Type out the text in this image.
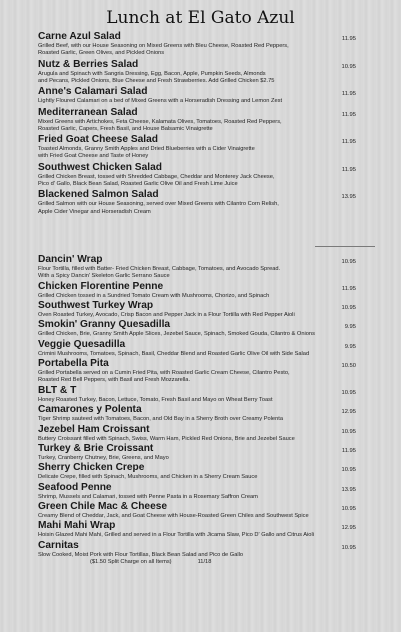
Lunch at El Gato Azul
Carne Azul Salad	11.95
Grilled Beef, with our House Seasoning on Mixed Greens with Bleu Cheese, Roasted Red Peppers,
Roasted Garlic, Green Olives, and Pickled Onions
Nutz & Berries Salad	10.95
Arugula and Spinach with Sangria Dressing, Egg, Bacon, Apple, Pumpkin Seeds, Almonds
and Pecans, Pickled Onions, Blue Cheese and Fresh Strawberries. Add Grilled Chicken $2.75
Anne's Calamari Salad	11.95
Lightly Floured Calamari on a bed of Mixed Greens with a Horseradish Dressing and Lemon Zest
Mediterranean Salad	11.95
Mixed Greens with Artichokes, Feta Cheese, Kalamata Olives, Tomatoes, Roasted Red Peppers,
Roasted Garlic, Capers, Fresh Basil, and House Balsamic Vinaigrette
Fried Goat Cheese Salad	11.95
Toasted Almonds, Granny Smith Apples and Dried Blueberries with a Cider Vinaigrette
with Fried Goat Cheese and Taste of Honey
Southwest Chicken Salad	11.95
Grilled Chicken Breast, tossed with Shredded Cabbage, Cheddar and Monterey Jack Cheese,
Pico d' Gallo, Black Bean Salad, Roasted Garlic Olive Oil and Fresh Lime Juice
Blackened Salmon Salad	13.95
Grilled Salmon with our House Seasoning, served over Mixed Greens with Cilantro Corn Relish,
Apple Cider Vinegar and Horseradish Cream
Dancin' Wrap	10.95
Flour Tortilla, filled with Batter- Fried Chicken Breast, Cabbage, Tomatoes, and Avocado Spread.
With a Spicy Dancin' Skeleton Garlic Serrano Sauce
Chicken Florentine Penne	11.95
Grilled Chicken tossed in a Sundried Tomato Cream with Mushrooms, Chorizo, and Spinach
Southwest Turkey Wrap	10.95
Oven Roasted Turkey, Avocado, Crisp Bacon and Pepper Jack in a Flour Tortilla with Red Pepper Aioli
Smokin' Granny Quesadilla	9.95
Grilled Chicken, Brie, Granny Smith Apple Slices, Jezebel Sauce, Spinach, Smoked Gouda, Cilantro & Onions
Veggie Quesadilla	9.95
Crimini Mushrooms, Tomatoes, Spinach, Basil, Cheddar Blend and Roasted Garlic Olive Oil with Side Salad
Portabella Pita	10.50
Grilled Portabella served on a Cumin Fried Pita, with Roasted Garlic Cream Cheese, Cilantro Pesto,
Roasted Red Bell Peppers, with Basil and Fresh Mozzarella.
BLT & T	10.95
Honey Roasted Turkey, Bacon, Lettuce, Tomato, Fresh Basil and Mayo on Wheat Berry Toast
Camarones y Polenta	12.95
Tiger Shrimp sauteed with Tomatoes, Bacon, and Old Bay in a Sherry Broth over Creamy Polenta
Jezebel Ham Croissant	10.95
Buttery Croissant filled with Spinach, Swiss, Warm Ham, Pickled Red Onions, Brie and Jezebel Sauce
Turkey & Brie Croissant	11.95
Turkey, Cranberry Chutney, Brie, Greens, and Mayo
Sherry Chicken Crepe	10.95
Delicate Crepe, filled with Spinach, Mushrooms, and Chicken in a Sherry Cream Sauce
Seafood Penne	13.95
Shrimp, Mussels and Calamari, tossed with Penne Pasta in a Rosemary Saffron Cream
Green Chile Mac & Cheese	10.95
Creamy Blend of Cheddar, Jack, and Goat Cheese with House-Roasted Green Chiles and Southwest Spice
Mahi Mahi Wrap	12.95
Hoisin Glazed Mahi Mahi, Grilled and served in a Flour Tortilla with Jicama Slaw, Pico D' Gallo and Citrus Aioli
Carnitas	10.95
Slow Cooked, Moist Pork with Flour Tortillas, Black Bean Salad and Pico de Gallo
($1.50 Split Charge on all Items)	11/18
